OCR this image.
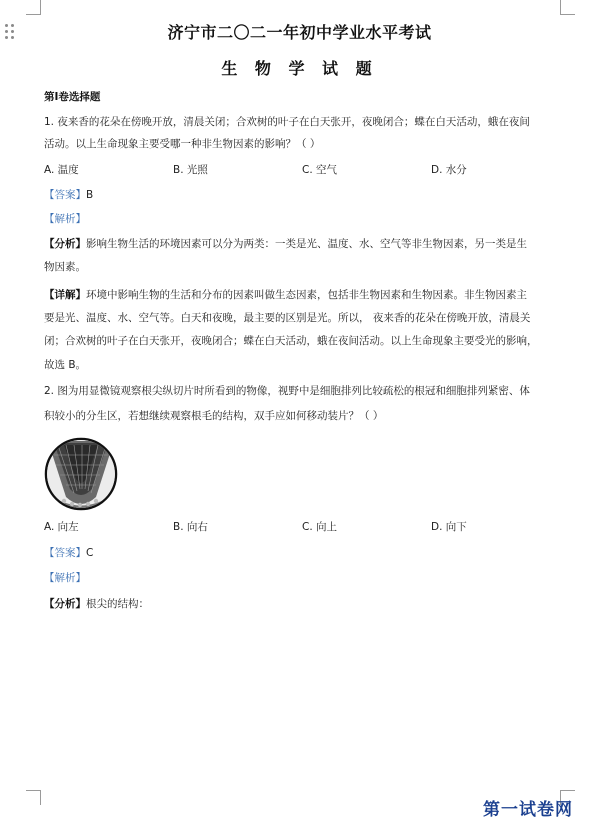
济宁市二〇二一年初中学业水平考试
生 物 学 试 题
第Ⅰ卷选择题
1. 夜来香的花朵在傍晚开放，清晨关闭；合欢树的叶子在白天张开，夜晚闭合；蝶在白天活动，蛾在夜间
活动。以上生命现象主要受哪一种非生物因素的影响？（ ）
A. 温度	B. 光照	C. 空气	D. 水分
【答案】B
【解析】
【分析】影响生物生活的环境因素可以分为两类：一类是光、温度、水、空气等非生物因素，另一类是生
物因素。
【详解】环境中影响生物的生活和分布的因素叫做生态因素，包括非生物因素和生物因素。非生物因素主
要是光、温度、水、空气等。白天和夜晚，最主要的区别是光。所以， 夜来香的花朵在傍晚开放，清晨关
闭；合欢树的叶子在白天张开，夜晚闭合；蝶在白天活动，蛾在夜间活动。以上生命现象主要受光的影响，
故选 B。
2. 图为用显微镜观察根尖纵切片时所看到的物像，视野中是细胞排列比较疏松的根冠和细胞排列紧密、体
积较小的分生区，若想继续观察根毛的结构，双手应如何移动装片？（ ）
A. 向左	B. 向右	C. 向上	D. 向下
【答案】C
【解析】
【分析】根尖的结构：
第一试卷网
